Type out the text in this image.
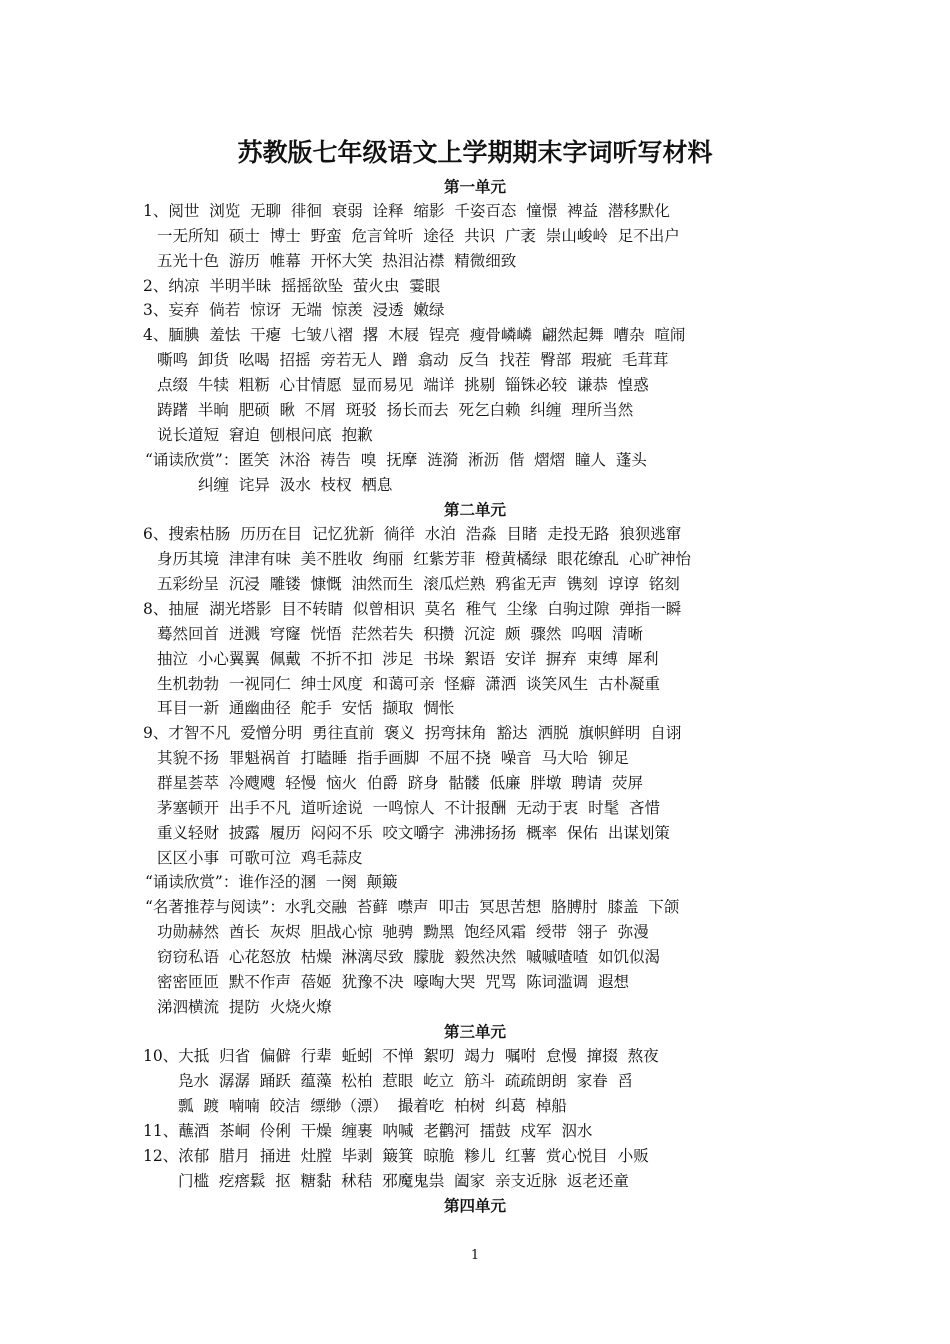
苏教版七年级语文上学期期末字词听写材料
第一单元
1、阅世  浏览  无聊  徘徊  衰弱  诠释  缩影  千姿百态  憧憬  裨益  潜移默化
一无所知  硕士  博士  野蛮  危言耸听  途径  共识  广袤  崇山峻岭  足不出户
五光十色  游历  帷幕  开怀大笑  热泪沾襟  精微细致
2、纳凉  半明半昧  摇摇欲坠  萤火虫  霎眼
3、妄弃  倘若  惊讶  无端  惊羡  浸透  嫩绿
4、腼腆  羞怯  干瘪  七皱八褶  撂  木屐  锃亮  瘦骨嶙嶙  翩然起舞  嘈杂  喧闹
嘶鸣  卸货  吆喝  招摇  旁若无人  蹭  翕动  反刍  找茬  臀部  瑕疵  毛茸茸
点缀  牛犊  粗粝  心甘情愿  显而易见  端详  挑剔  锱铢必较  谦恭  惶惑
踌躇  半晌  肥硕  瞅  不屑  斑驳  扬长而去  死乞白赖  纠缠  理所当然
说长道短  窘迫  刨根问底  抱歉
“诵读欣赏”：匿笑  沐浴  祷告  嗅  抚摩  涟漪  淅沥  偕  熠熠  瞳人  蓬头
纠缠  诧异  汲水  枝杈  栖息
第二单元
6、搜索枯肠  历历在目  记忆犹新  徜徉  水泊  浩淼  目睹  走投无路  狼狈逃窜
身历其境  津津有味  美不胜收  绚丽  红紫芳菲  橙黄橘绿  眼花缭乱  心旷神怡
五彩纷呈  沉浸  雕镂  慷慨  油然而生  滚瓜烂熟  鸦雀无声  镌刻  谆谆  铭刻
8、抽屉  湖光塔影  目不转睛  似曾相识  莫名  稚气  尘缘  白驹过隙  弹指一瞬
蓦然回首  迸溅  穹窿  恍悟  茫然若失  积攒  沉淀  颇  骤然  呜咽  清晰
抽泣  小心翼翼  佩戴  不折不扣  涉足  书垛  絮语  安详  摒弃  束缚  犀利
生机勃勃  一视同仁  绅士风度  和蔼可亲  怪癖  潇洒  谈笑风生  古朴凝重
耳目一新  通幽曲径  舵手  安恬  撷取  惆怅
9、才智不凡  爱憎分明  勇往直前  褒义  拐弯抹角  豁达  洒脱  旗帜鲜明  自诩
其貌不扬  罪魁祸首  打瞌睡  指手画脚  不屈不挠  噪音  马大哈  铆足
群星荟萃  冷飕飕  轻慢  恼火  伯爵  跻身  骷髅  低廉  胖墩  聘请  荧屏
茅塞顿开  出手不凡  道听途说  一鸣惊人  不计报酬  无动于衷  时髦  吝惜
重义轻财  披露  履历  闷闷不乐  咬文嚼字  沸沸扬扬  概率  保佑  出谋划策
区区小事  可歌可泣  鸡毛蒜皮
“诵读欣赏”：谁作泾的溷  一阕  颠簸
“名著推荐与阅读”：水乳交融  苔藓  噤声  叩击  冥思苦想  胳膊肘  膝盖  下颌
功勋赫然  酋长  灰烬  胆战心惊  驰骋  黝黑  饱经风霜  绶带  翎子  弥漫
窃窃私语  心花怒放  枯燥  淋漓尽致  朦胧  毅然决然  嘁嘁喳喳  如饥似渴
密密匝匝  默不作声  蓓姬  犹豫不决  嚎啕大哭  咒骂  陈词滥调  遐想
涕泗横流  提防  火烧火燎
第三单元
10、大抵  归省  偏僻  行辈  蚯蚓  不惮  絮叨  竭力  嘱咐  怠慢  撺掇  熬夜
凫水  潺潺  踊跃  蕴藻  松柏  惹眼  屹立  筋斗  疏疏朗朗  家眷  舀
瓢  踱  喃喃  皎洁  缥缈（漂）  撮着吃  柏树  纠葛  棹船
11、蘸酒  茶峒  伶俐  干燥  缠裹  呐喊  老鹳河  擂鼓  戍军  泅水
12、浓郁  腊月  捅进  灶膛  毕剥  簸箕  晾脆  糁儿  红薯  赏心悦目  小贩
门槛  疙瘩鬏  抠  糖黏  秫秸  邪魔鬼祟  阖家  亲支近脉  返老还童
第四单元
1
